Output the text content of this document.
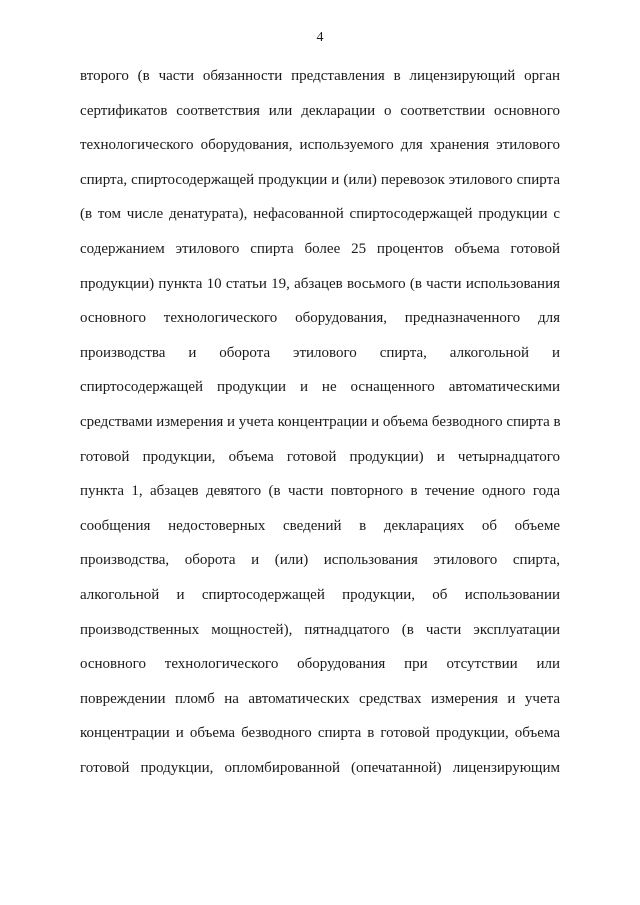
4
второго (в части обязанности представления в лицензирующий орган
сертификатов соответствия или декларации о соответствии основного
технологического оборудования, используемого для хранения этилового
спирта, спиртосодержащей продукции и (или) перевозок этилового спирта
(в том числе денатурата), нефасованной спиртосодержащей продукции с
содержанием этилового спирта более 25 процентов объема готовой
продукции) пункта 10 статьи 19, абзацев восьмого (в части использования
основного технологического оборудования, предназначенного для
производства и оборота этилового спирта, алкогольной и
спиртосодержащей продукции и не оснащенного автоматическими
средствами измерения и учета концентрации и объема безводного спирта в
готовой продукции, объема готовой продукции) и четырнадцатого
пункта 1, абзацев девятого (в части повторного в течение одного года
сообщения недостоверных сведений в декларациях об объеме
производства, оборота и (или) использования этилового спирта,
алкогольной и спиртосодержащей продукции, об использовании
производственных мощностей), пятнадцатого (в части эксплуатации
основного технологического оборудования при отсутствии или
повреждении пломб на автоматических средствах измерения и учета
концентрации и объема безводного спирта в готовой продукции, объема
готовой продукции, опломбированной (опечатанной) лицензирующим
